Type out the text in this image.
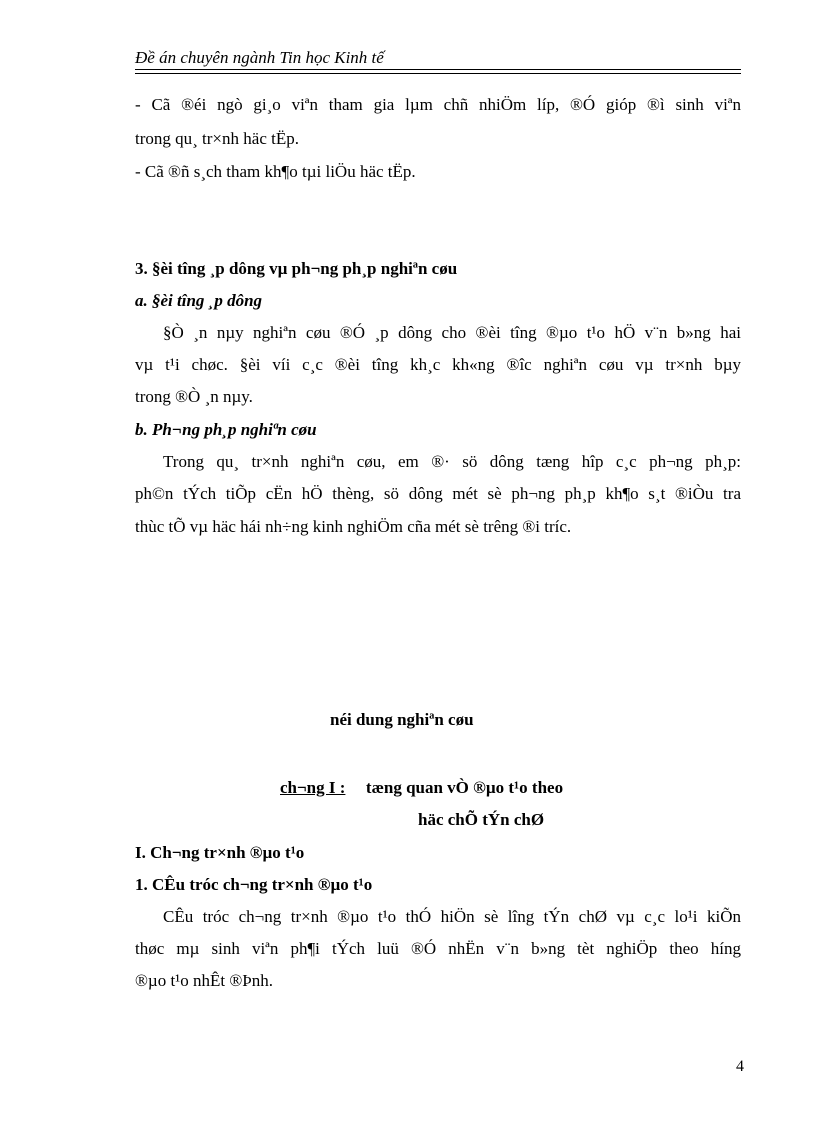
Đề án chuyên ngành Tin học Kinh tế
- Cã ®éi ngò gi¸o viªn tham gia lµm chñ nhiÖm líp, ®Ó gióp ®ì sinh viªn
trong qu¸ tr×nh häc tËp.
- Cã ®ñ s¸ch tham kh¶o tµi liÖu häc tËp.
3. §èi tîng ¸p dông vµ ph¬ng ph¸p nghiªn cøu
a. §èi tîng ¸p dông
§Ò ¸n nµy nghiªn cøu ®Ó ¸p dông cho ®èi tîng ®µo t¹o hÖ v¨n b»ng hai
vµ t¹i chøc. §èi víi c¸c ®èi tîng kh¸c kh«ng ®îc nghiªn cøu vµ tr×nh bµy
trong ®Ò ¸n nµy.
b. Ph¬ng ph¸p nghiªn cøu
Trong qu¸ tr×nh nghiªn cøu, em ®· sö dông tæng hîp c¸c ph¬ng ph¸p:
ph©n tÝch tiÕp cËn hÖ thèng, sö dông mét sè ph¬ng ph¸p kh¶o s¸t ®iÒu tra
thùc tÕ vµ häc hái nh÷ng kinh nghiÖm cña mét sè trêng ®i tríc.
néi dung nghiªn cøu
ch¬ng I : tæng quan vÒ ®µo t¹o theo
häc chÕ tÝn chØ
I. Ch¬ng tr×nh ®µo t¹o
1. CÊu tróc ch¬ng tr×nh ®µo t¹o
CÊu tróc ch¬ng tr×nh ®µo t¹o thÓ hiÖn sè lîng tÝn chØ vµ c¸c lo¹i kiÕn
thøc mµ sinh viªn ph¶i tÝch luü ®Ó nhËn v¨n b»ng tèt nghiÖp theo híng
®µo t¹o nhÊt ®Þnh.
4
